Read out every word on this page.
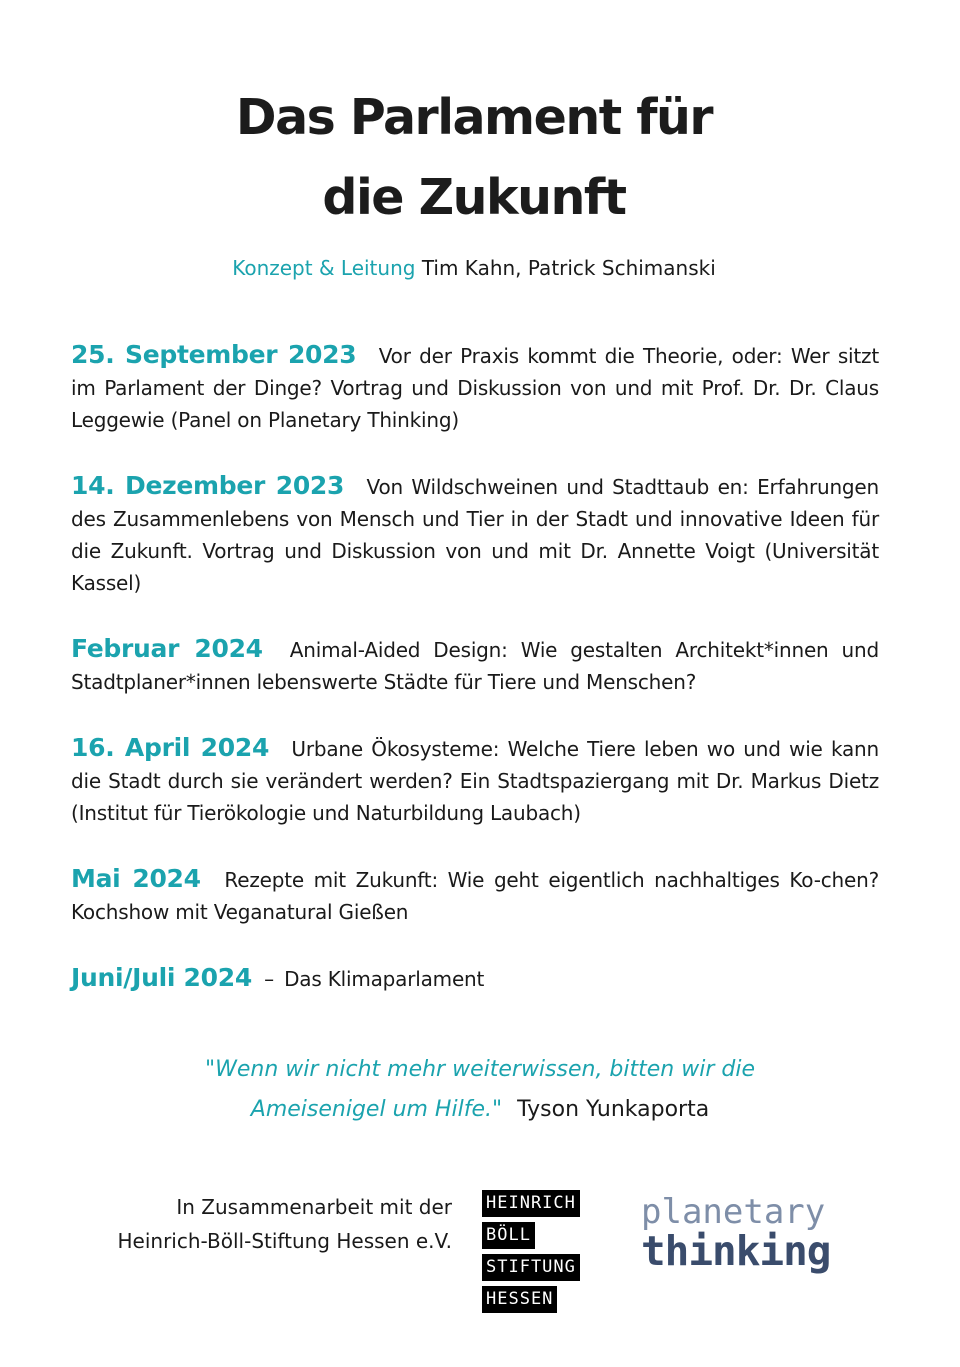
Das Parlament für
die Zukunft
Konzept & Leitung Tim Kahn, Patrick Schimanski

25. September 2023 Vor der Praxis kommt die Theorie, oder: Wer sitzt im Parlament der Dinge? Vortrag und Diskussion von und mit Prof. Dr. Dr. Claus Leggewie (Panel on Planetary Thinking)

14. Dezember 2023 Von Wildschweinen und Stadttaub en: Erfahrungen des Zusammenlebens von Mensch und Tier in der Stadt und innovative Ideen für die Zukunft. Vortrag und Diskussion von und mit Dr. Annette Voigt (Universität Kassel)

Februar 2024 Animal-Aided Design: Wie gestalten Architekt*innen und Stadtplaner*innen lebenswerte Städte für Tiere und Menschen?

16. April 2024 Urbane Ökosysteme: Welche Tiere leben wo und wie kann die Stadt durch sie verändert werden? Ein Stadtspaziergang mit Dr. Markus Dietz (Institut für Tierökologie und Naturbildung Laubach)

Mai 2024 Rezepte mit Zukunft: Wie geht eigentlich nachhaltiges Ko-chen? Kochshow mit Veganatural Gießen

Juni/Juli 2024 – Das Klimaparlament

"Wenn wir nicht mehr weiterwissen, bitten wir die
Ameisenigel um Hilfe." Tyson Yunkaporta
In Zusammenarbeit mit der
Heinrich-Böll-Stiftung Hessen e.V.
HEINRICH
BÖLL
STIFTUNG
HESSEN
planetary
thinking
